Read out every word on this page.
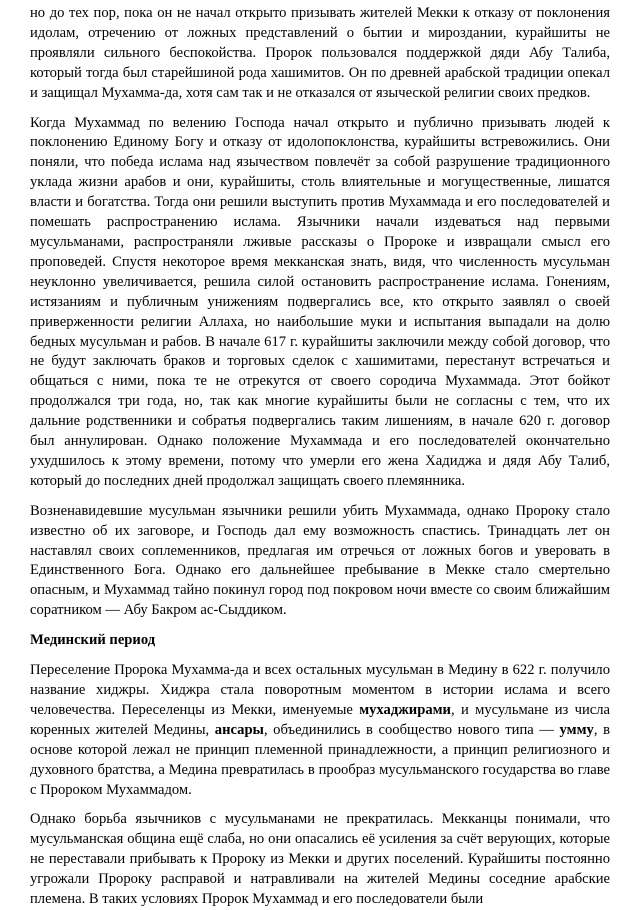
но до тех пор, пока он не начал открыто призывать жителей Мекки к отказу от поклонения идолам, отречению от ложных представлений о бытии и мироздании, курайшиты не проявляли сильного беспокойства. Пророк пользовался поддержкой дяди Абу Талиба, который тогда был старейшиной рода хашимитов. Он по древней арабской традиции опекал и защищал Мухамма-да, хотя сам так и не отказался от языческой религии своих предков.

Когда Мухаммад по велению Господа начал открыто и публично призывать людей к поклонению Единому Богу и отказу от идолопоклонства, курайшиты встревожились. Они поняли, что победа ислама над язычеством повлечёт за собой разрушение традиционного уклада жизни арабов и они, курайшиты, столь влиятельные и могущественные, лишатся власти и богатства. Тогда они решили выступить против Мухаммада и его последователей и помешать распространению ислама. Язычники начали издеваться над первыми мусульманами, распространяли лживые рассказы о Пророке и извращали смысл его проповедей. Спустя некоторое время мекканская знать, видя, что численность мусульман неуклонно увеличивается, решила силой остановить распространение ислама. Гонениям, истязаниям и публичным унижениям подвергались все, кто открыто заявлял о своей приверженности религии Аллаха, но наибольшие муки и испытания выпадали на долю бедных мусульман и рабов. В начале 617 г. курайшиты заключили между собой договор, что не будут заключать браков и торговых сделок с хашимитами, перестанут встречаться и общаться с ними, пока те не отрекутся от своего сородича Мухаммада. Этот бойкот продолжался три года, но, так как многие курайшиты были не согласны с тем, что их дальние родственники и собратья подвергались таким лишениям, в начале 620 г. договор был аннулирован. Однако положение Мухаммада и его последователей окончательно ухудшилось к этому времени, потому что умерли его жена Хадиджа и дядя Абу Талиб, который до последних дней продолжал защищать своего племянника.

Возненавидевшие мусульман язычники решили убить Мухаммада, однако Пророку стало известно об их заговоре, и Господь дал ему возможность спастись. Тринадцать лет он наставлял своих соплеменников, предлагая им отречься от ложных богов и уверовать в Единственного Бога. Однако его дальнейшее пребывание в Мекке стало смертельно опасным, и Мухаммад тайно покинул город под покровом ночи вместе со своим ближайшим соратником — Абу Бакром ас-Сыддиком.

Мединский период

Переселение Пророка Мухамма-да и всех остальных мусульман в Медину в 622 г. получило название хиджры. Хиджра стала поворотным моментом в истории ислама и всего человечества. Переселенцы из Мекки, именуемые мухаджирами, и мусульмане из числа коренных жителей Медины, ансары, объединились в сообщество нового типа — умму, в основе которой лежал не принцип племенной принадлежности, а принцип религиозного и духовного братства, а Медина превратилась в прообраз мусульманского государства во главе с Пророком Мухаммадом.

Однако борьба язычников с мусульманами не прекратилась. Мекканцы понимали, что мусульманская община ещё слаба, но они опасались её усиления за счёт верующих, которые не переставали прибывать к Пророку из Мекки и других поселений. Курайшиты постоянно угрожали Пророку расправой и натравливали на жителей Медины соседние арабские племена. В таких условиях Пророк Мухаммад и его последователи были
